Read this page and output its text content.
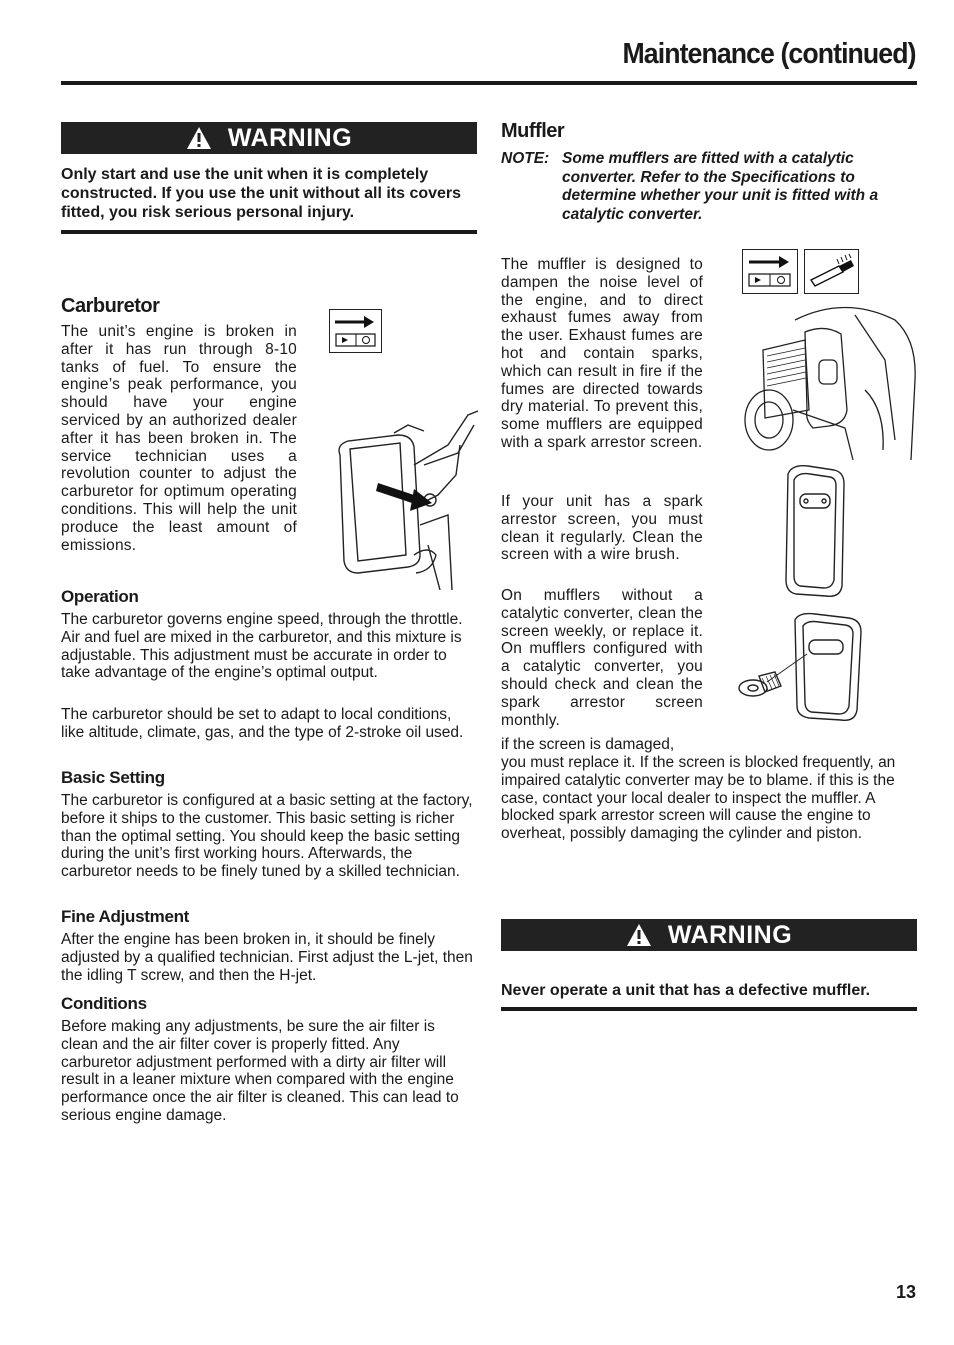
Maintenance (continued)
WARNING
Only start and use the unit when it is completely constructed. If you use the unit without all its covers fitted, you risk serious personal injury.
Carburetor

The unit’s engine is broken in after it has run through 8-10 tanks of fuel. To ensure the engine’s peak performance, you should have your engine serviced by an authorized dealer after it has been broken in. The service technician uses a revolution counter to adjust the carburetor for optimum operating conditions. This will help the unit produce the least amount of emissions.

Operation

The carburetor governs engine speed, through the throttle. Air and fuel are mixed in the carburetor, and this mixture is adjustable. This adjustment must be accurate in order to take advantage of the engine’s optimal output.

The carburetor should be set to adapt to local conditions, like altitude, climate, gas, and the type of 2-stroke oil used.

Basic Setting

The carburetor is configured at a basic setting at the factory, before it ships to the customer. This basic setting is richer than the optimal setting. You should keep the basic setting during the unit’s first working hours. Afterwards, the carburetor needs to be finely tuned by a skilled technician.

Fine Adjustment

After the engine has been broken in, it should be finely adjusted by a qualified technician. First adjust the L-jet, then the idling T screw, and then the H-jet.

Conditions

Before making any adjustments, be sure the air filter is clean and the air filter cover is properly fitted. Any carburetor adjustment performed with a dirty air filter will result in a leaner mixture when compared with the engine performance once the air filter is cleaned. This can lead to serious engine damage.

Muffler
NOTE: Some mufflers are fitted with a catalytic converter. Refer to the Specifications to determine whether your unit is fitted with a catalytic converter.

The muffler is designed to dampen the noise level of the engine, and to direct exhaust fumes away from the user. Exhaust fumes are hot and contain sparks, which can result in fire if the fumes are directed towards dry material. To prevent this, some mufflers are equipped with a spark arrestor screen.

If your unit has a spark arrestor screen, you must clean it regularly. Clean the screen with a wire brush.

On mufflers without a catalytic converter, clean the screen weekly, or replace it. On mufflers configured with a catalytic converter, you should check and clean the spark arrestor screen monthly.

if the screen is damaged,

you must replace it. If the screen is blocked frequently, an impaired catalytic converter may be to blame. if this is the case, contact your local dealer to inspect the muffler. A blocked spark arrestor screen will cause the engine to overheat, possibly damaging the cylinder and piston.

WARNING
Never operate a unit that has a defective muffler.
13
